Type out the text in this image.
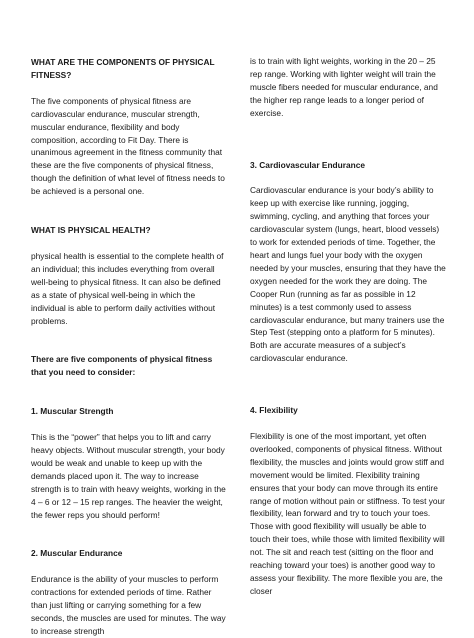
WHAT ARE THE COMPONENTS OF PHYSICAL FITNESS?

The five components of physical fitness are cardiovascular endurance, muscular strength, muscular endurance, flexibility and body composition, according to Fit Day. There is unanimous agreement in the fitness community that these are the five components of physical fitness, though the definition of what level of fitness needs to be achieved is a personal one.

WHAT IS PHYSICAL HEALTH?

physical health is essential to the complete health of an individual; this includes everything from overall well-being to physical fitness. It can also be defined as a state of physical well-being in which the individual is able to perform daily activities without problems.

There are five components of physical fitness that you need to consider:

1. Muscular Strength

This is the “power” that helps you to lift and carry heavy objects. Without muscular strength, your body would be weak and unable to keep up with the demands placed upon it. The way to increase strength is to train with heavy weights, working in the 4 – 6 or 12 – 15 rep ranges. The heavier the weight, the fewer reps you should perform!

2. Muscular Endurance

Endurance is the ability of your muscles to perform contractions for extended periods of time. Rather than just lifting or carrying something for a few seconds, the muscles are used for minutes. The way to increase strength

is to train with light weights, working in the 20 – 25 rep range. Working with lighter weight will train the muscle fibers needed for muscular endurance, and the higher rep range leads to a longer period of exercise.

3. Cardiovascular Endurance

Cardiovascular endurance is your body’s ability to keep up with exercise like running, jogging, swimming, cycling, and anything that forces your cardiovascular system (lungs, heart, blood vessels) to work for extended periods of time. Together, the heart and lungs fuel your body with the oxygen needed by your muscles, ensuring that they have the oxygen needed for the work they are doing. The Cooper Run (running as far as possible in 12 minutes) is a test commonly used to assess cardiovascular endurance, but many trainers use the Step Test (stepping onto a platform for 5 minutes). Both are accurate measures of a subject’s cardiovascular endurance.

4. Flexibility

Flexibility is one of the most important, yet often overlooked, components of physical fitness. Without flexibility, the muscles and joints would grow stiff and movement would be limited. Flexibility training ensures that your body can move through its entire range of motion without pain or stiffness. To test your flexibility, lean forward and try to touch your toes. Those with good flexibility will usually be able to touch their toes, while those with limited flexibility will not. The sit and reach test (sitting on the floor and reaching toward your toes) is another good way to assess your flexibility. The more flexible you are, the closer
